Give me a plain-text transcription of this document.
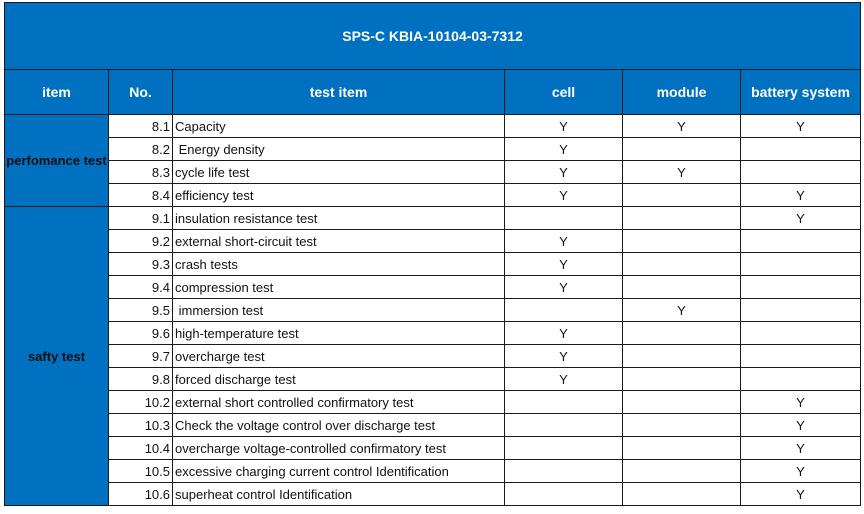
SPS-C KBIA-10104-03-7312					
item	No.	test item	cell	module	battery system
perfomance test	8.1	Capacity	Y	Y	Y
	8.2	Energy density	Y		
	8.3	cycle life test	Y	Y	
	8.4	efficiency test	Y		Y
safty test	9.1	insulation resistance test			Y
	9.2	external short-circuit test	Y		
	9.3	crash tests	Y		
	9.4	compression test	Y		
	9.5	immersion test		Y	
	9.6	high-temperature test	Y		
	9.7	overcharge test	Y		
	9.8	forced discharge test	Y		
	10.2	external short controlled confirmatory test			Y
	10.3	Check the voltage control over discharge test			Y
	10.4	overcharge voltage-controlled confirmatory test			Y
	10.5	excessive charging current control Identification			Y
	10.6	superheat control Identification			Y
